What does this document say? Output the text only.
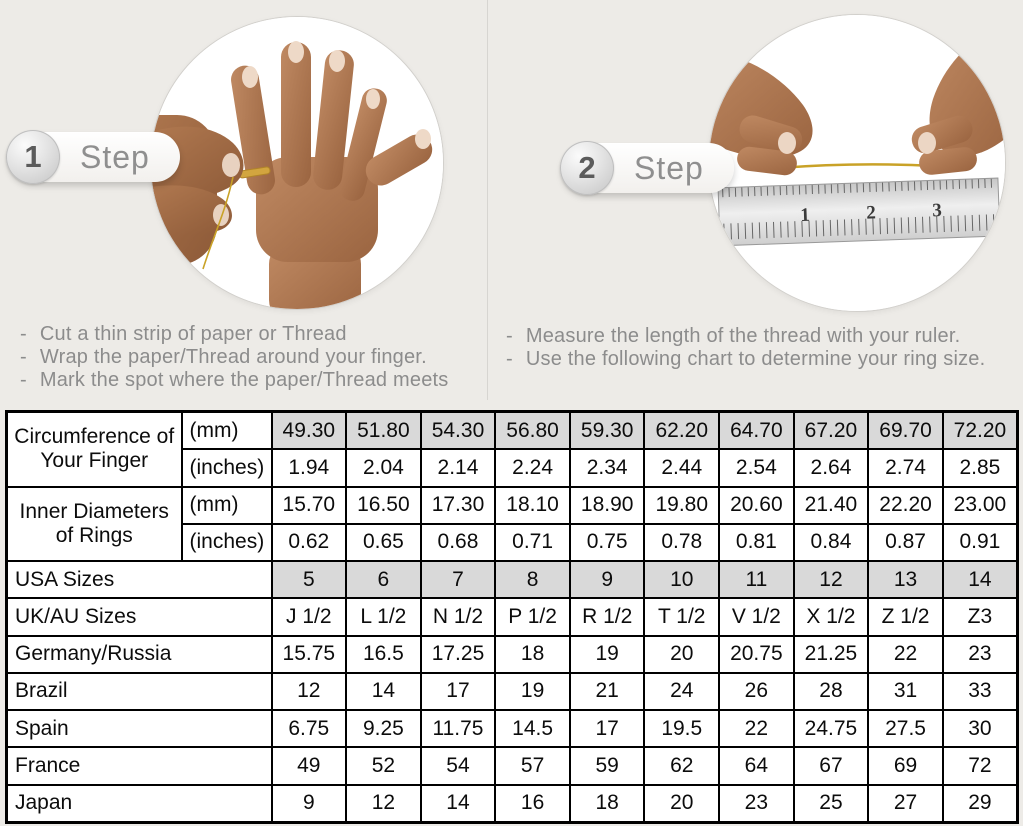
1	2	3
1	Step	2	Step
- Cut a thin strip of paper or Thread
- Wrap the paper/Thread around your finger.
- Mark the spot where the paper/Thread meets
- Measure the length of the thread with your ruler.
- Use the following chart to determine your ring size.
Circumference of Your Finger	(mm)	49.30	51.80	54.30	56.80	59.30	62.20	64.70	67.20	69.70	72.20
	(inches)	1.94	2.04	2.14	2.24	2.34	2.44	2.54	2.64	2.74	2.85
Inner Diameters of Rings	(mm)	15.70	16.50	17.30	18.10	18.90	19.80	20.60	21.40	22.20	23.00
	(inches)	0.62	0.65	0.68	0.71	0.75	0.78	0.81	0.84	0.87	0.91
USA Sizes		5	6	7	8	9	10	11	12	13	14
UK/AU Sizes		J 1/2	L 1/2	N 1/2	P 1/2	R 1/2	T 1/2	V 1/2	X 1/2	Z 1/2	Z3
Germany/Russia		15.75	16.5	17.25	18	19	20	20.75	21.25	22	23
Brazil		12	14	17	19	21	24	26	28	31	33
Spain		6.75	9.25	11.75	14.5	17	19.5	22	24.75	27.5	30
France		49	52	54	57	59	62	64	67	69	72
Japan		9	12	14	16	18	20	23	25	27	29
